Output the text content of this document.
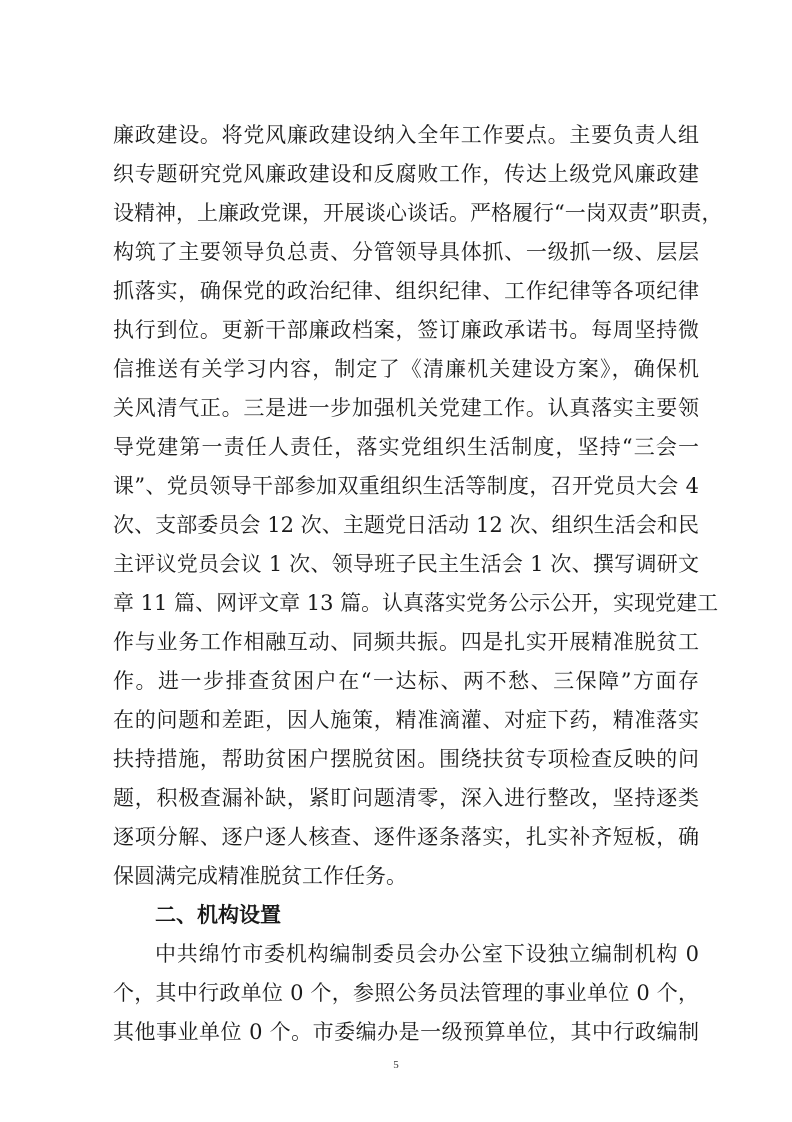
廉政建设。将党风廉政建设纳入全年工作要点。主要负责人组
织专题研究党风廉政建设和反腐败工作，传达上级党风廉政建
设精神，上廉政党课，开展谈心谈话。严格履行“一岗双责”职责，
构筑了主要领导负总责、分管领导具体抓、一级抓一级、层层
抓落实，确保党的政治纪律、组织纪律、工作纪律等各项纪律
执行到位。更新干部廉政档案，签订廉政承诺书。每周坚持微
信推送有关学习内容，制定了《清廉机关建设方案》，确保机
关风清气正。三是进一步加强机关党建工作。认真落实主要领
导党建第一责任人责任，落实党组织生活制度，坚持“三会一
课”、党员领导干部参加双重组织生活等制度，召开党员大会 4
次、支部委员会 12 次、主题党日活动 12 次、组织生活会和民
主评议党员会议 1 次、领导班子民主生活会 1 次、撰写调研文
章 11 篇、网评文章 13 篇。认真落实党务公示公开，实现党建工
作与业务工作相融互动、同频共振。四是扎实开展精准脱贫工
作。进一步排查贫困户在“一达标、两不愁、三保障”方面存
在的问题和差距，因人施策，精准滴灌、对症下药，精准落实
扶持措施，帮助贫困户摆脱贫困。围绕扶贫专项检查反映的问
题，积极查漏补缺，紧盯问题清零，深入进行整改，坚持逐类
逐项分解、逐户逐人核查、逐件逐条落实，扎实补齐短板，确
保圆满完成精准脱贫工作任务。
二、机构设置
中共绵竹市委机构编制委员会办公室下设独立编制机构 0
个，其中行政单位 0 个，参照公务员法管理的事业单位 0 个，
其他事业单位 0 个。市委编办是一级预算单位，其中行政编制
5
